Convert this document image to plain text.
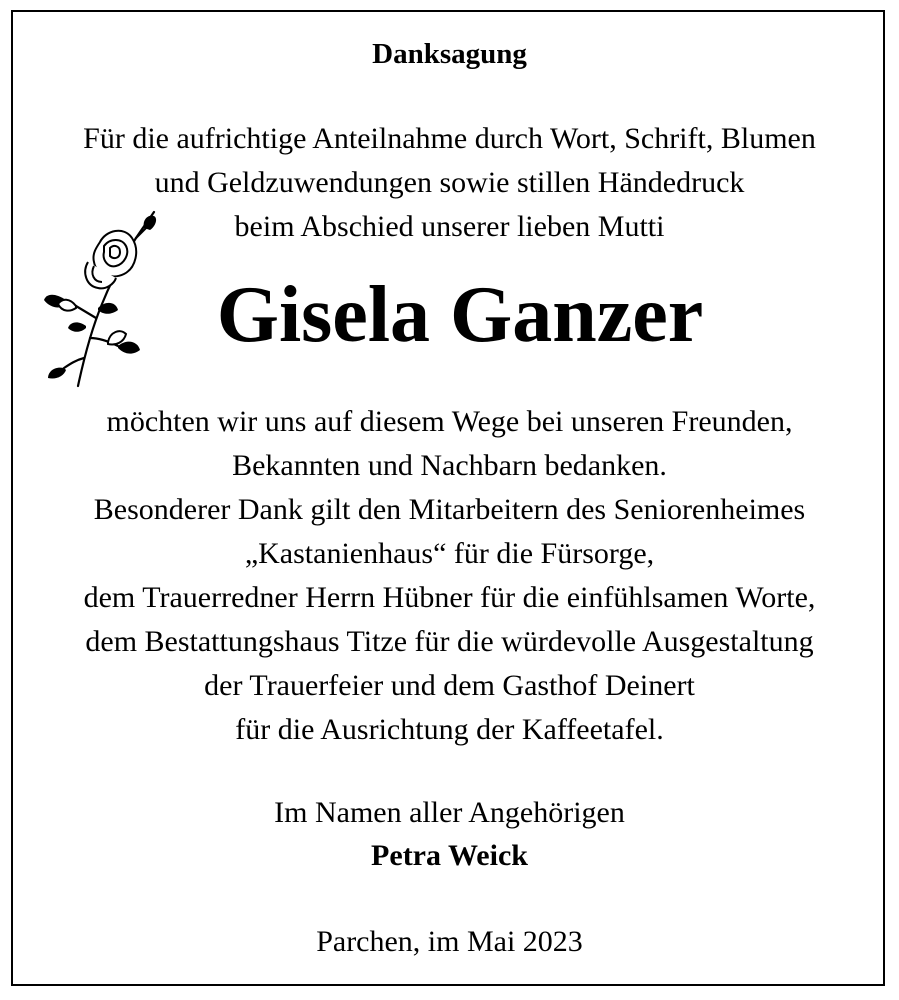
Danksagung
Für die aufrichtige Anteilnahme durch Wort, Schrift, Blumen
und Geldzuwendungen sowie stillen Händedruck
beim Abschied unserer lieben Mutti
Gisela Ganzer
möchten wir uns auf diesem Wege bei unseren Freunden,
Bekannten und Nachbarn bedanken.
Besonderer Dank gilt den Mitarbeitern des Seniorenheimes
„Kastanienhaus“ für die Fürsorge,
dem Trauerredner Herrn Hübner für die einfühlsamen Worte,
dem Bestattungshaus Titze für die würdevolle Ausgestaltung
der Trauerfeier und dem Gasthof Deinert
für die Ausrichtung der Kaffeetafel.
Im Namen aller Angehörigen
Petra Weick
Parchen, im Mai 2023
